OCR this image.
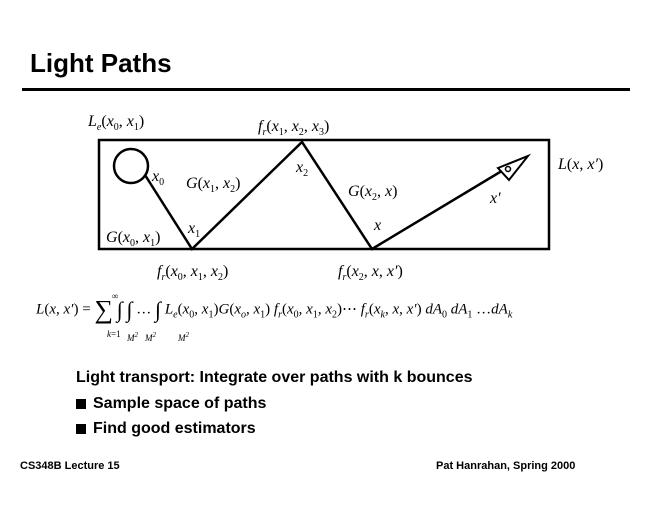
Light Paths
$L_e(x_0$, $x_1$)	$f_r(x_1$, $x_2$, $x_3$)
$x_0$ $G(x_1$, $x_2$)
$x_2$
$G(x_2$, x)
L(x, x′)
x′
$x_1$
x
$G(x_0$, $x_1$)
$f_r(x_0$, $x_1$, $x_2$)	$f_r(x_2$, x, x′)
L(x, x′) = ∑ ∫ ∫ … ∫ $L_e(x_0$, $x_1)G(x_o$, $x_1$) $f_r(x_0$, $x_1$, $x_2)\cdots$ $f_r(x_k$, x, x′) $dA_0$ $dA_1$ $\dots dA_k$
∞
k=1 $M^2$ $M^2$ $M^2$

Light transport: Integrate over paths with k bounces

Sample space of paths
Find good estimators
CS348B Lecture 15	Pat Hanrahan, Spring 2000
